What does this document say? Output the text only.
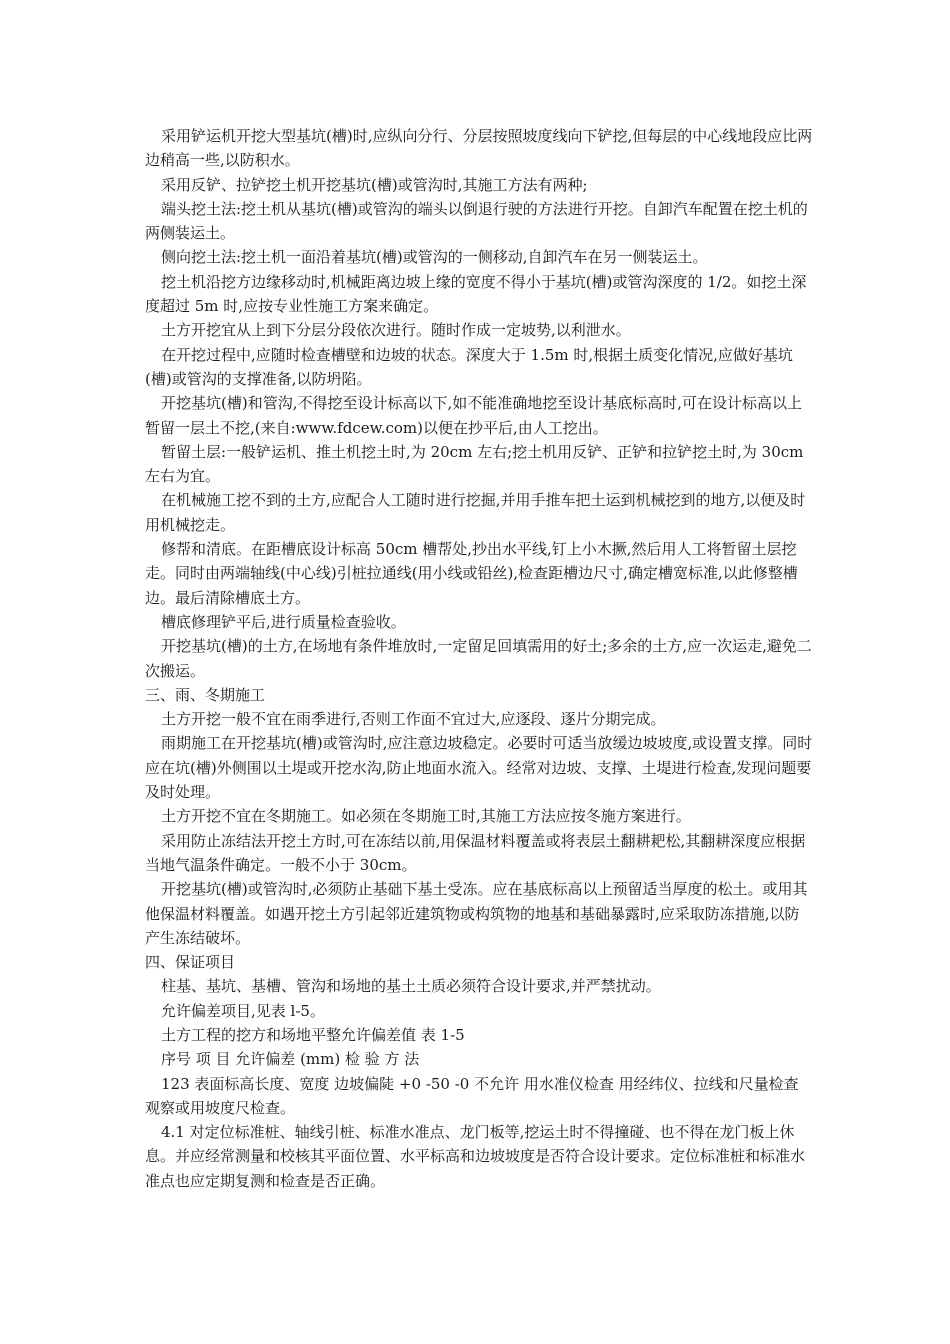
采用铲运机开挖大型基坑(槽)时,应纵向分行、分层按照坡度线向下铲挖,但每层的中心线地段应比两边稍高一些,以防积水。

采用反铲、拉铲挖土机开挖基坑(槽)或管沟时,其施工方法有两种;

端头挖土法:挖土机从基坑(槽)或管沟的端头以倒退行驶的方法进行开挖。自卸汽车配置在挖土机的两侧装运土。

侧向挖土法:挖土机一面沿着基坑(槽)或管沟的一侧移动,自卸汽车在另一侧装运土。

挖土机沿挖方边缘移动时,机械距离边坡上缘的宽度不得小于基坑(槽)或管沟深度的 1/2。如挖土深度超过 5m 时,应按专业性施工方案来确定。

土方开挖宜从上到下分层分段依次进行。随时作成一定坡势,以利泄水。

在开挖过程中,应随时检查槽壁和边坡的状态。深度大于 1.5m 时,根据土质变化情况,应做好基坑(槽)或管沟的支撑准备,以防坍陷。

开挖基坑(槽)和管沟,不得挖至设计标高以下,如不能准确地挖至设计基底标高时,可在设计标高以上暂留一层土不挖,(来自:www.fdcew.com)以便在抄平后,由人工挖出。

暂留土层:一般铲运机、推土机挖土时,为 20cm 左右;挖土机用反铲、正铲和拉铲挖土时,为 30cm 左右为宜。

在机械施工挖不到的土方,应配合人工随时进行挖掘,并用手推车把土运到机械挖到的地方,以便及时用机械挖走。

修帮和清底。在距槽底设计标高 50cm 槽帮处,抄出水平线,钉上小木撅,然后用人工将暂留土层挖走。同时由两端轴线(中心线)引桩拉通线(用小线或铅丝),检查距槽边尺寸,确定槽宽标准,以此修整槽边。最后清除槽底土方。

槽底修理铲平后,进行质量检查验收。

开挖基坑(槽)的土方,在场地有条件堆放时,一定留足回填需用的好土;多余的土方,应一次运走,避免二次搬运。

三、雨、冬期施工

土方开挖一般不宜在雨季进行,否则工作面不宜过大,应逐段、逐片分期完成。

雨期施工在开挖基坑(槽)或管沟时,应注意边坡稳定。必要时可适当放缓边坡坡度,或设置支撑。同时应在坑(槽)外侧围以土堤或开挖水沟,防止地面水流入。经常对边坡、支撑、土堤进行检查,发现问题要及时处理。

土方开挖不宜在冬期施工。如必须在冬期施工时,其施工方法应按冬施方案进行。

采用防止冻结法开挖土方时,可在冻结以前,用保温材料覆盖或将表层土翻耕耙松,其翻耕深度应根据当地气温条件确定。一般不小于 30cm。

开挖基坑(槽)或管沟时,必须防止基础下基土受冻。应在基底标高以上预留适当厚度的松土。或用其他保温材料覆盖。如遇开挖土方引起邻近建筑物或构筑物的地基和基础暴露时,应采取防冻措施,以防产生冻结破坏。

四、保证项目

柱基、基坑、基槽、管沟和场地的基土土质必须符合设计要求,并严禁扰动。

允许偏差项目,见表 l-5。

土方工程的挖方和场地平整允许偏差值 表 1-5

序号 项 目 允许偏差 (mm) 检 验 方 法

123 表面标高长度、宽度 边坡偏陡 +0 -50 -0 不允许 用水准仪检查 用经纬仪、拉线和尺量检查观察或用坡度尺检查。

4.1 对定位标准桩、轴线引桩、标准水准点、龙门板等,挖运土时不得撞碰、也不得在龙门板上休息。并应经常测量和校核其平面位置、水平标高和边坡坡度是否符合设计要求。定位标准桩和标准水准点也应定期复测和检查是否正确。
